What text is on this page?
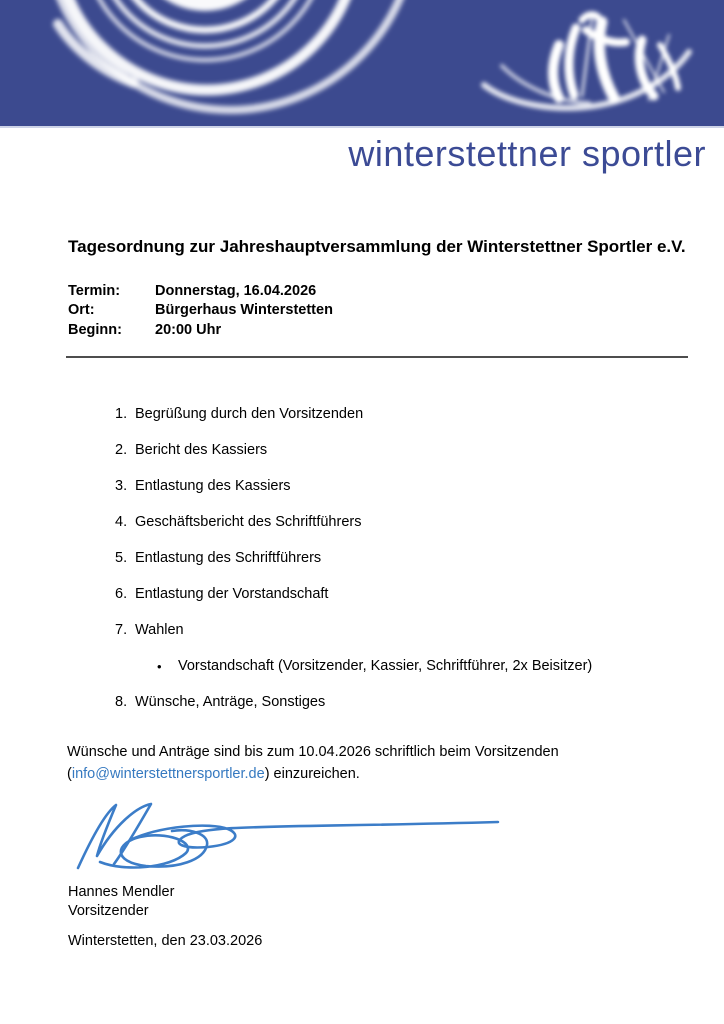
winterstettner sportler
Tagesordnung zur Jahreshauptversammlung der Winterstettner Sportler e.V.
Termin:	Donnerstag, 16.04.2026
Ort:	Bürgerhaus Winterstetten
Beginn:	20:00 Uhr
1. Begrüßung durch den Vorsitzenden
2. Bericht des Kassiers
3. Entlastung des Kassiers
4. Geschäftsbericht des Schriftführers
5. Entlastung des Schriftführers
6. Entlastung der Vorstandschaft
7. Wahlen
•	Vorstandschaft (Vorsitzender, Kassier, Schriftführer, 2x Beisitzer)
8. Wünsche, Anträge, Sonstiges
Wünsche und Anträge sind bis zum 10.04.2026 schriftlich beim Vorsitzenden
(info@winterstettnersportler.de) einzureichen.
Hannes Mendler
Vorsitzender
Winterstetten, den 23.03.2026
